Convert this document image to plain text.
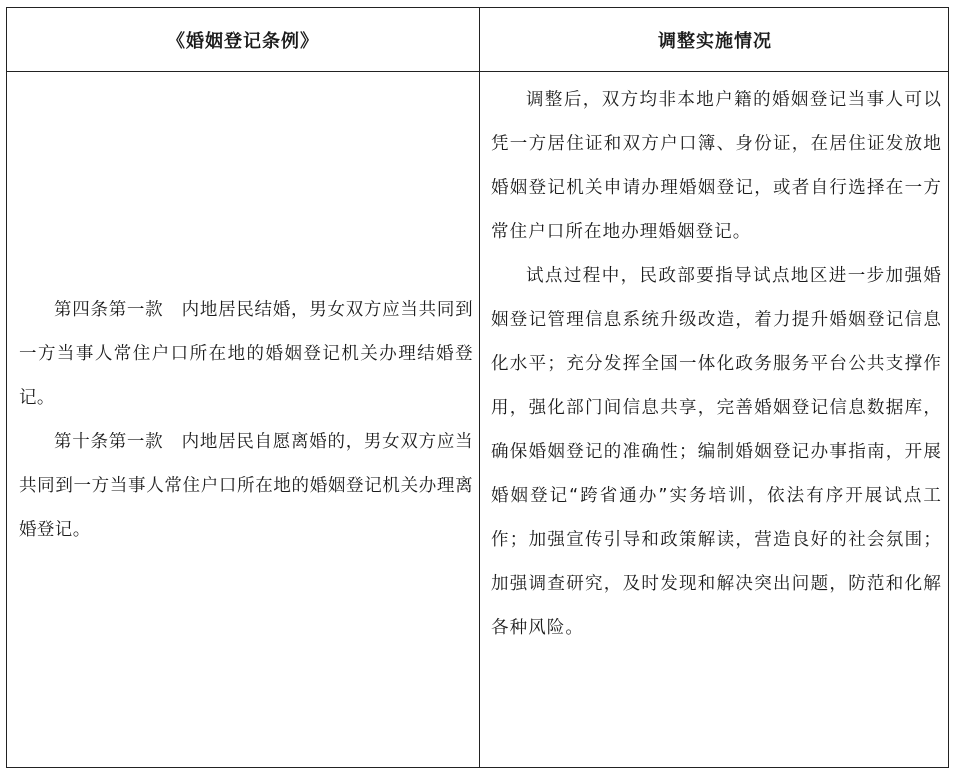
《婚姻登记条例》	调整实施情况

第四条第一款　内地居民结婚，男女双方应当共同到一方当事人常住户口所在地的婚姻登记机关办理结婚登记。

第十条第一款　内地居民自愿离婚的，男女双方应当共同到一方当事人常住户口所在地的婚姻登记机关办理离婚登记。

调整后，双方均非本地户籍的婚姻登记当事人可以凭一方居住证和双方户口簿、身份证，在居住证发放地婚姻登记机关申请办理婚姻登记，或者自行选择在一方常住户口所在地办理婚姻登记。

试点过程中，民政部要指导试点地区进一步加强婚姻登记管理信息系统升级改造，着力提升婚姻登记信息化水平；充分发挥全国一体化政务服务平台公共支撑作用，强化部门间信息共享，完善婚姻登记信息数据库，确保婚姻登记的准确性；编制婚姻登记办事指南，开展婚姻登记“跨省通办”实务培训，依法有序开展试点工作；加强宣传引导和政策解读，营造良好的社会氛围；加强调查研究，及时发现和解决突出问题，防范和化解各种风险。
